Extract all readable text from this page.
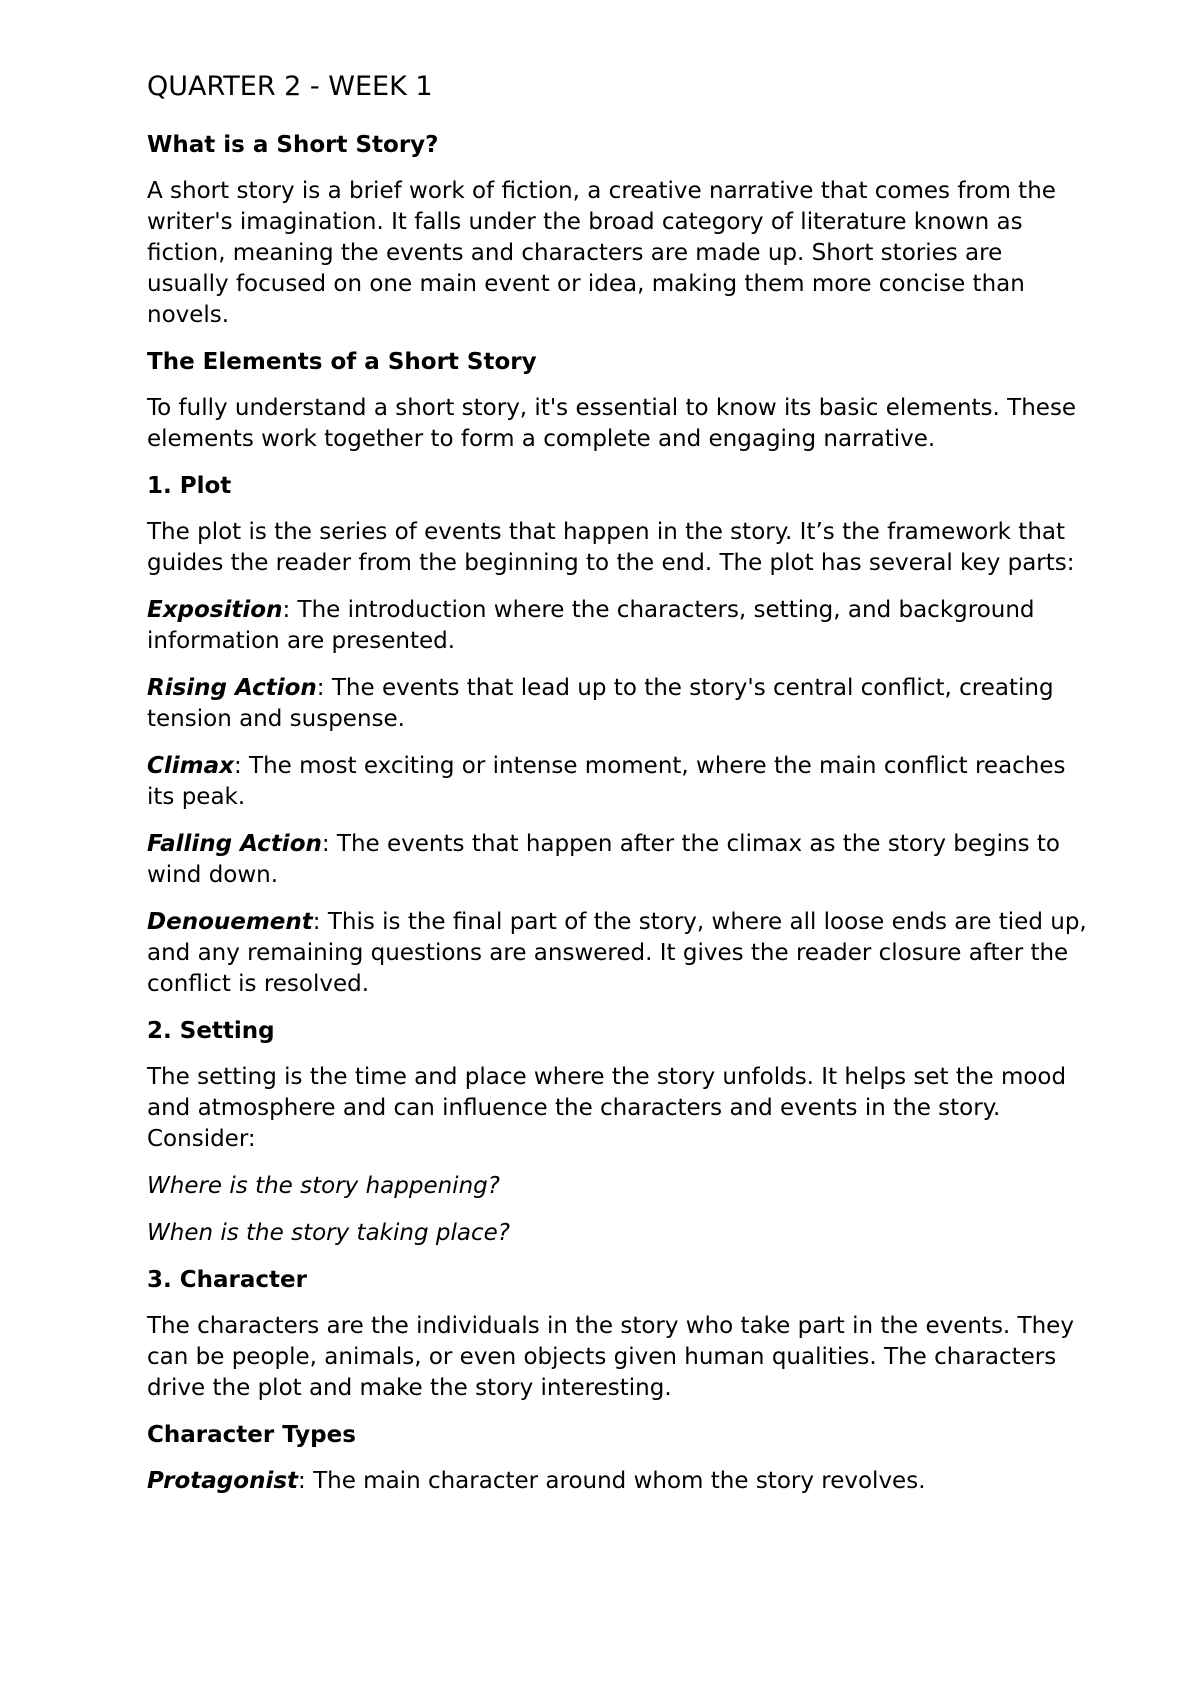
QUARTER 2 - WEEK 1
What is a Short Story?

A short story is a brief work of fiction, a creative narrative that comes from the writer's imagination. It falls under the broad category of literature known as fiction, meaning the events and characters are made up. Short stories are usually focused on one main event or idea, making them more concise than novels.

The Elements of a Short Story

To fully understand a short story, it's essential to know its basic elements. These elements work together to form a complete and engaging narrative.

1. Plot

The plot is the series of events that happen in the story. It’s the framework that guides the reader from the beginning to the end. The plot has several key parts:

Exposition: The introduction where the characters, setting, and background information are presented.

Rising Action: The events that lead up to the story's central conflict, creating tension and suspense.

Climax: The most exciting or intense moment, where the main conflict reaches its peak.

Falling Action: The events that happen after the climax as the story begins to wind down.

Denouement: This is the final part of the story, where all loose ends are tied up, and any remaining questions are answered. It gives the reader closure after the conflict is resolved.

2. Setting

The setting is the time and place where the story unfolds. It helps set the mood and atmosphere and can influence the characters and events in the story. Consider:

Where is the story happening?

When is the story taking place?

3. Character

The characters are the individuals in the story who take part in the events. They can be people, animals, or even objects given human qualities. The characters drive the plot and make the story interesting.

Character Types

Protagonist: The main character around whom the story revolves.
